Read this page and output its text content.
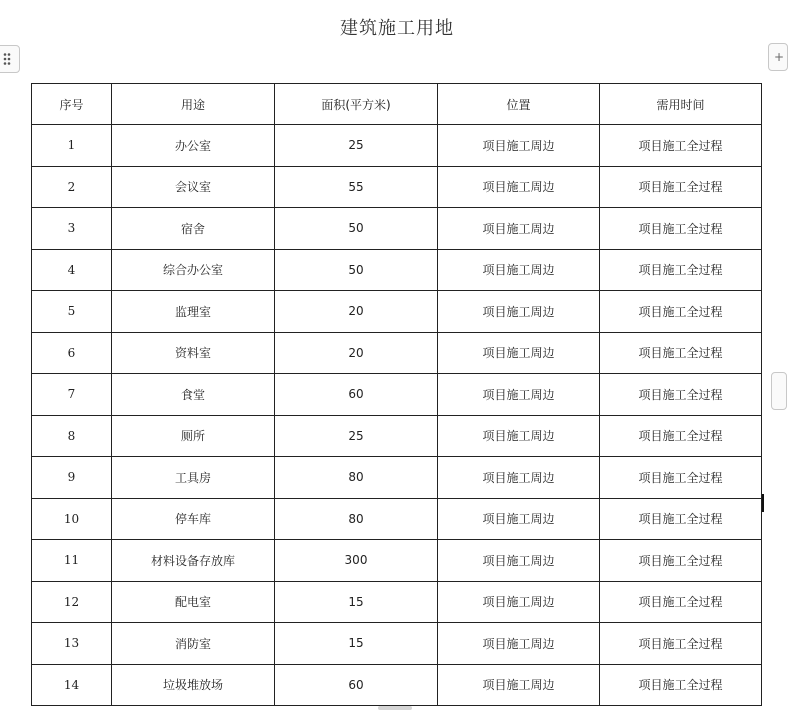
建筑施工用地
+
序号	用途	面积(平方米)	位置	需用时间
1	办公室	25	项目施工周边	项目施工全过程
2	会议室	55	项目施工周边	项目施工全过程
3	宿舍	50	项目施工周边	项目施工全过程
4	综合办公室	50	项目施工周边	项目施工全过程
5	监理室	20	项目施工周边	项目施工全过程
6	资料室	20	项目施工周边	项目施工全过程
7	食堂	60	项目施工周边	项目施工全过程
8	厕所	25	项目施工周边	项目施工全过程
9	工具房	80	项目施工周边	项目施工全过程
10	停车库	80	项目施工周边	项目施工全过程
11	材料设备存放库	300	项目施工周边	项目施工全过程
12	配电室	15	项目施工周边	项目施工全过程
13	消防室	15	项目施工周边	项目施工全过程
14	垃圾堆放场	60	项目施工周边	项目施工全过程
